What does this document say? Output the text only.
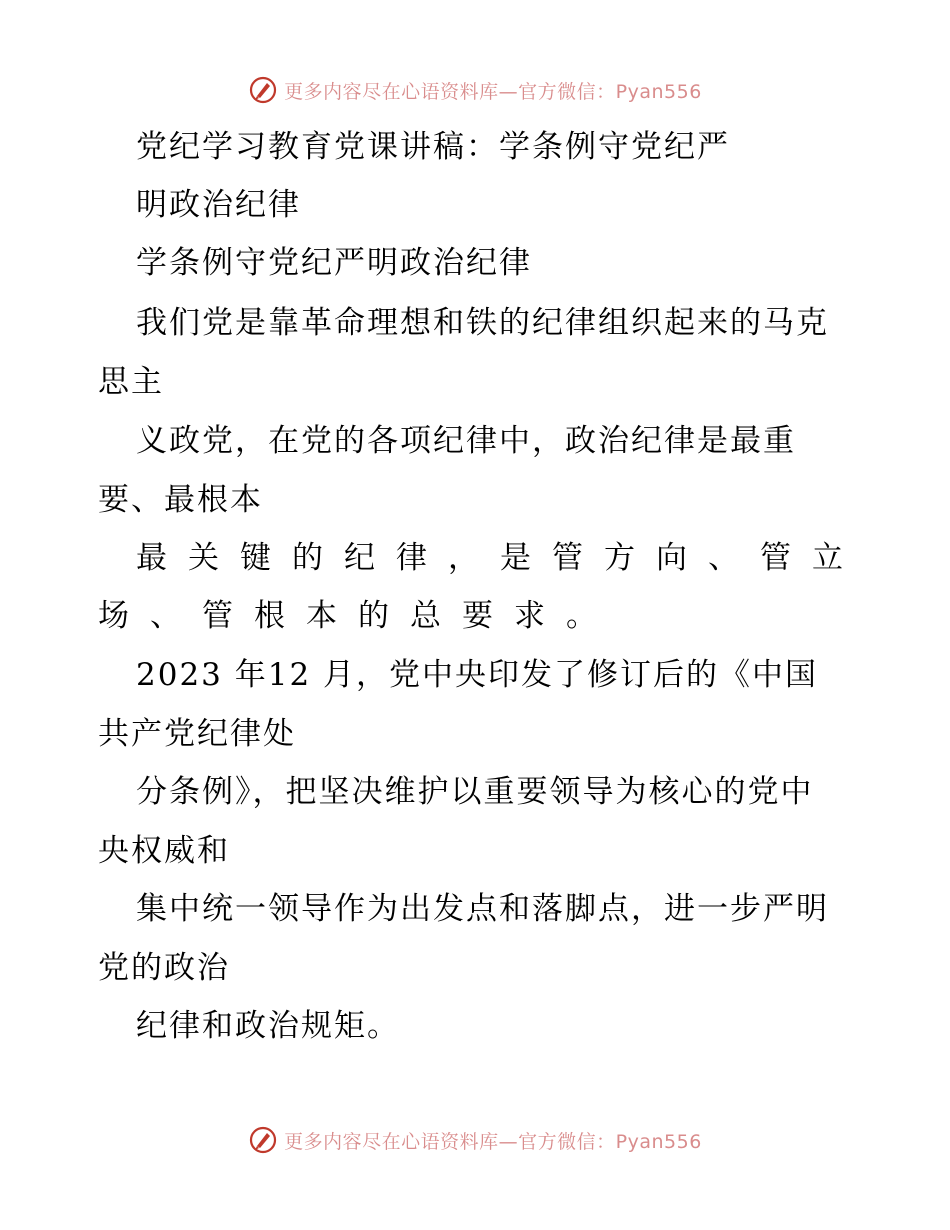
更多内容尽在心语资料库—官方微信：Pyan556
党纪学习教育党课讲稿：学条例守党纪严
明政治纪律
学条例守党纪严明政治纪律
我们党是靠革命理想和铁的纪律组织起来的马克
思主
义政党，在党的各项纪律中，政治纪律是最重
要、最根本
最关键的纪律，是管方向、管立
场、管根本的总要求。
2023 年12 月，党中央印发了修订后的《中国
共产党纪律处
分条例》，把坚决维护以重要领导为核心的党中
央权威和
集中统一领导作为出发点和落脚点，进一步严明
党的政治
纪律和政治规矩。
更多内容尽在心语资料库—官方微信：Pyan556
